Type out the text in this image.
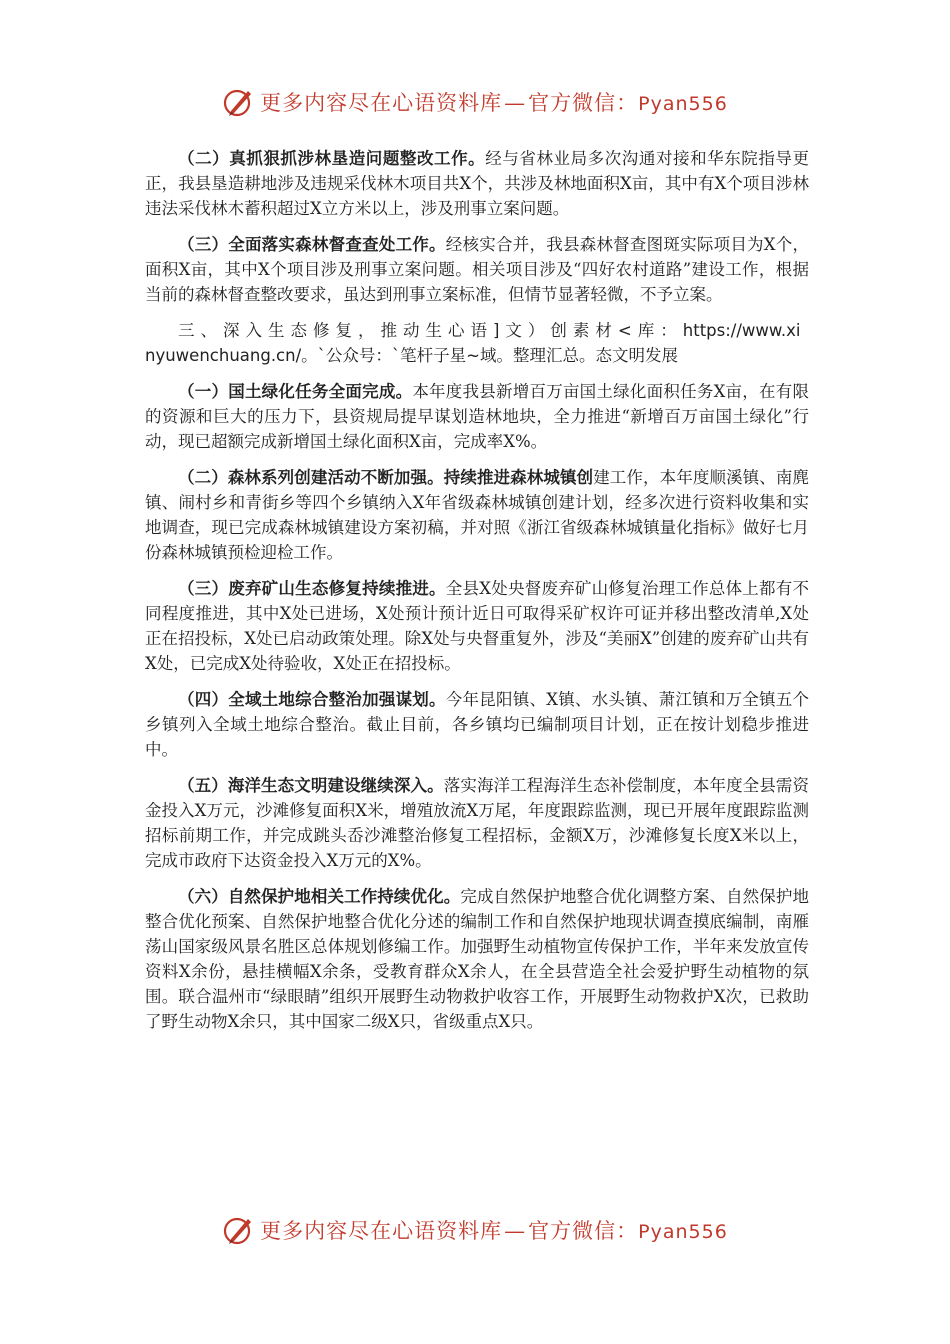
更多内容尽在心语资料库—官方微信：Pyan556

（二）真抓狠抓涉林垦造问题整改工作。经与省林业局多次沟通对接和华东院指导更正，我县垦造耕地涉及违规采伐林木项目共X个，共涉及林地面积X亩，其中有X个项目涉林违法采伐林木蓄积超过X立方米以上，涉及刑事立案问题。

（三）全面落实森林督查查处工作。经核实合并，我县森林督查图斑实际项目为X个，面积X亩，其中X个项目涉及刑事立案问题。相关项目涉及“四好农村道路”建设工作，根据当前的森林督查整改要求，虽达到刑事立案标准，但情节显著轻微，不予立案。

三、深入生态修复，推动生心语]文）创素材<库：https://www.xinyuwenchuang.cn/。`公众号：`笔杆子星~域。整理汇总。态文明发展

（一）国土绿化任务全面完成。本年度我县新增百万亩国土绿化面积任务X亩，在有限的资源和巨大的压力下，县资规局提早谋划造林地块，全力推进“新增百万亩国土绿化”行动，现已超额完成新增国土绿化面积X亩，完成率X%。

（二）森林系列创建活动不断加强。持续推进森林城镇创建工作，本年度顺溪镇、南麂镇、闹村乡和青街乡等四个乡镇纳入X年省级森林城镇创建计划，经多次进行资料收集和实地调查，现已完成森林城镇建设方案初稿，并对照《浙江省级森林城镇量化指标》做好七月份森林城镇预检迎检工作。

（三）废弃矿山生态修复持续推进。全县X处央督废弃矿山修复治理工作总体上都有不同程度推进，其中X处已进场，X处预计预计近日可取得采矿权许可证并移出整改清单,X处正在招投标，X处已启动政策处理。除X处与央督重复外，涉及“美丽X”创建的废弃矿山共有X处，已完成X处待验收，X处正在招投标。

（四）全域土地综合整治加强谋划。今年昆阳镇、X镇、水头镇、萧江镇和万全镇五个乡镇列入全域土地综合整治。截止目前，各乡镇均已编制项目计划，正在按计划稳步推进中。

（五）海洋生态文明建设继续深入。落实海洋工程海洋生态补偿制度，本年度全县需资金投入X万元，沙滩修复面积X米，增殖放流X万尾，年度跟踪监测，现已开展年度跟踪监测招标前期工作，并完成跳头岙沙滩整治修复工程招标，金额X万，沙滩修复长度X米以上，完成市政府下达资金投入X万元的X%。

（六）自然保护地相关工作持续优化。完成自然保护地整合优化调整方案、自然保护地整合优化预案、自然保护地整合优化分述的编制工作和自然保护地现状调查摸底编制，南雁荡山国家级风景名胜区总体规划修编工作。加强野生动植物宣传保护工作，半年来发放宣传资料X余份，悬挂横幅X余条，受教育群众X余人，在全县营造全社会爱护野生动植物的氛围。联合温州市“绿眼睛”组织开展野生动物救护收容工作，开展野生动物救护X次，已救助了野生动物X余只，其中国家二级X只，省级重点X只。

更多内容尽在心语资料库—官方微信：Pyan556
